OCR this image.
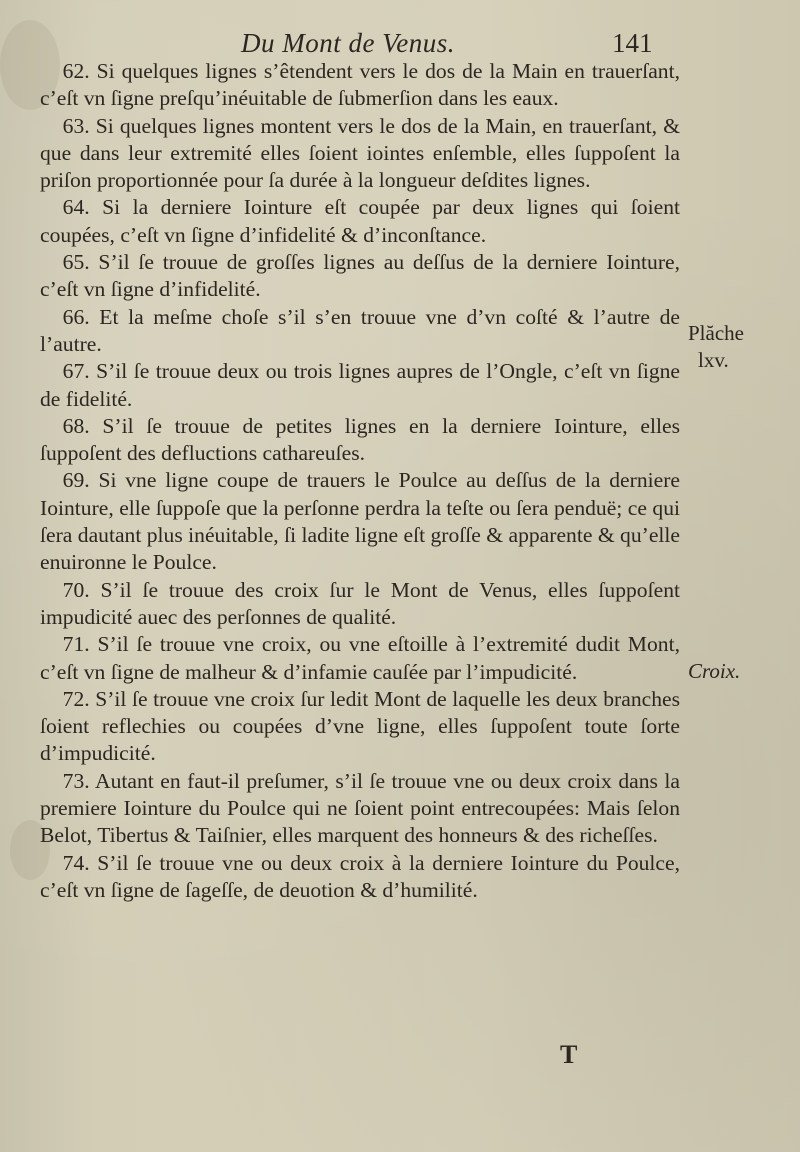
Du Mont de Venus.	141

62. Si quelques lignes s’êtendent vers le dos de la Main en trauerſant, c’eſt vn ſigne preſqu’inéuitable de ſubmerſion dans les eaux.

63. Si quelques lignes montent vers le dos de la Main, en trauerſant, & que dans leur extremité elles ſoient iointes enſemble, elles ſuppoſent la priſon proportionnée pour ſa durée à la longueur deſdites lignes.

64. Si la derniere Iointure eſt coupée par deux lignes qui ſoient coupées, c’eſt vn ſigne d’infidelité & d’inconſtance.

65. S’il ſe trouue de groſſes lignes au deſſus de la derniere Iointure, c’eſt vn ſigne d’infidelité.

66. Et la meſme choſe s’il s’en trouue vne d’vn coſté & l’autre de l’autre.

67. S’il ſe trouue deux ou trois lignes aupres de l’Ongle, c’eſt vn ſigne de fidelité.

68. S’il ſe trouue de petites lignes en la derniere Iointure, elles ſuppoſent des defluctions cathareuſes.

69. Si vne ligne coupe de trauers le Poulce au deſſus de la derniere Iointure, elle ſuppoſe que la perſonne perdra la teſte ou ſera penduë; ce qui ſera dautant plus inéuitable, ſi ladite ligne eſt groſſe & apparente & qu’elle enuironne le Poulce.

70. S’il ſe trouue des croix ſur le Mont de Venus, elles ſuppoſent impudicité auec des perſonnes de qualité.

71. S’il ſe trouue vne croix, ou vne eſtoille à l’extremité dudit Mont, c’eſt vn ſigne de malheur & d’infamie cauſée par l’impudicité.

72. S’il ſe trouue vne croix ſur ledit Mont de laquelle les deux branches ſoient reflechies ou coupées d’vne ligne, elles ſuppoſent toute ſorte d’impudicité.

73. Autant en faut-il preſumer, s’il ſe trouue vne ou deux croix dans la premiere Iointure du Poulce qui ne ſoient point entrecoupées: Mais ſelon Belot, Tibertus & Taiſnier, elles marquent des honneurs & des richeſſes.

74. S’il ſe trouue vne ou deux croix à la derniere Iointure du Poulce, c’eſt vn ſigne de ſageſſe, de deuotion & d’humilité.

Plăche
lxv.
Croix.
T
